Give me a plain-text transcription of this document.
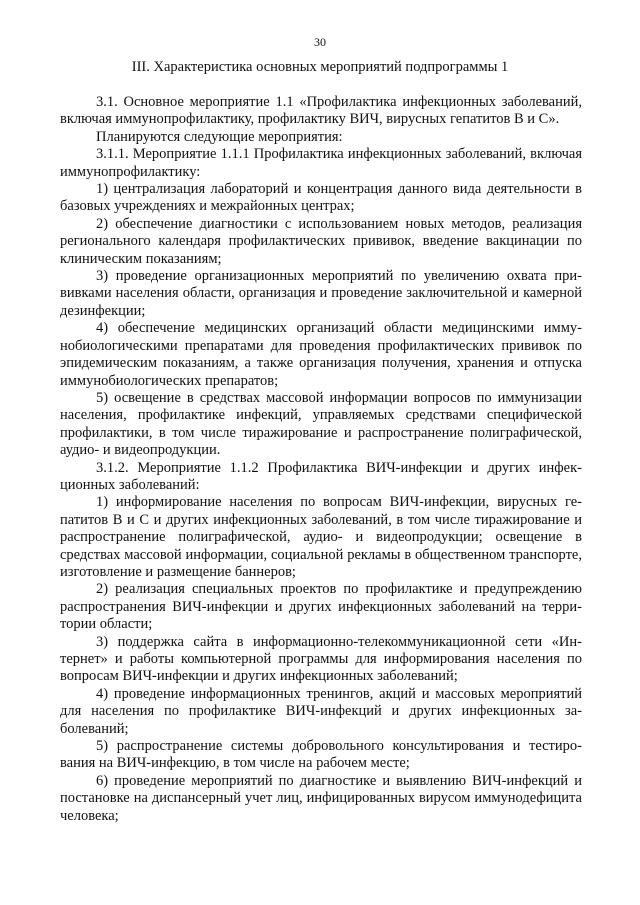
30
III. Характеристика основных мероприятий подпрограммы 1

3.1. Основное мероприятие 1.1 «Профилактика инфекционных заболеваний, включая иммунопрофилактику, профилактику ВИЧ, вирусных гепатитов В и С».

Планируются следующие мероприятия:

3.1.1. Мероприятие 1.1.1 Профилактика инфекционных заболеваний, включая иммунопрофилактику:

1) централизация лабораторий и концентрация данного вида деятельности в базовых учреждениях и межрайонных центрах;

2) обеспечение диагностики с использованием новых методов, реализация регионального календаря профилактических прививок, введение вакцинации по клиническим показаниям;

3) проведение организационных мероприятий по увеличению охвата прививками населения области, организация и проведение заключительной и камерной дезинфекции;

4) обеспечение медицинских организаций области медицинскими иммунобиологическими препаратами для проведения профилактических прививок по эпидемическим показаниям, а также организация получения, хранения и отпуска иммунобиологических препаратов;

5) освещение в средствах массовой информации вопросов по иммунизации населения, профилактике инфекций, управляемых средствами специфической профилактики, в том числе тиражирование и распространение полиграфической, аудио- и видеопродукции.

3.1.2. Мероприятие 1.1.2 Профилактика ВИЧ-инфекции и других инфекционных заболеваний:

1) информирование населения по вопросам ВИЧ-инфекции, вирусных гепатитов В и С и других инфекционных заболеваний, в том числе тиражирование и распространение полиграфической, аудио- и видеопродукции; освещение в средствах массовой информации, социальной рекламы в общественном транспорте, изготовление и размещение баннеров;

2) реализация специальных проектов по профилактике и предупреждению распространения ВИЧ-инфекции и других инфекционных заболеваний на территории области;

3) поддержка сайта в информационно-телекоммуникационной сети «Интернет» и работы компьютерной программы для информирования населения по вопросам ВИЧ-инфекции и других инфекционных заболеваний;

4) проведение информационных тренингов, акций и массовых мероприятий для населения по профилактике ВИЧ-инфекций и других инфекционных заболеваний;

5) распространение системы добровольного консультирования и тестирования на ВИЧ-инфекцию, в том числе на рабочем месте;

6) проведение мероприятий по диагностике и выявлению ВИЧ-инфекций и постановке на диспансерный учет лиц, инфицированных вирусом иммунодефицита человека;
